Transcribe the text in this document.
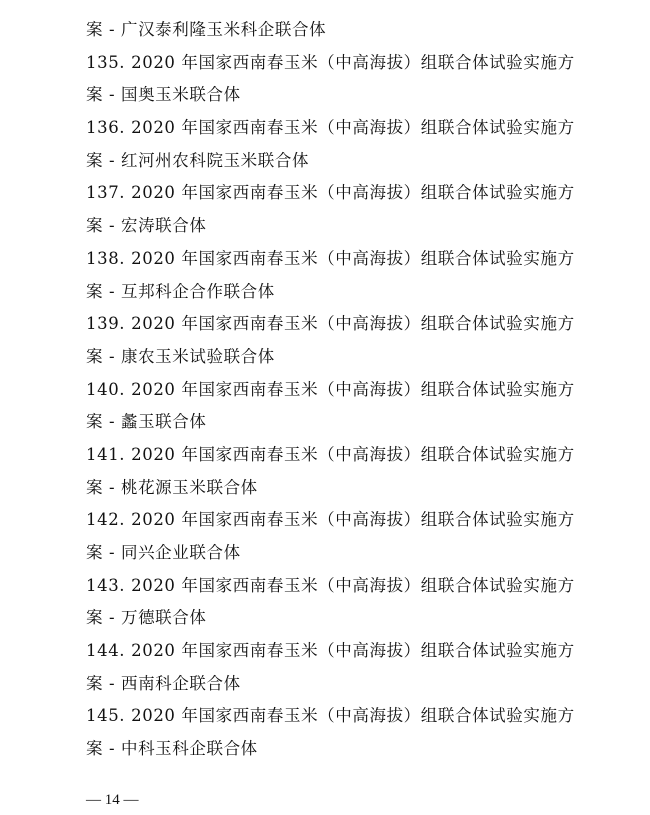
案 - 广汉泰利隆玉米科企联合体
135. 2020 年国家西南春玉米（中高海拔）组联合体试验实施方
案 - 国奥玉米联合体
136. 2020 年国家西南春玉米（中高海拔）组联合体试验实施方
案 - 红河州农科院玉米联合体
137. 2020 年国家西南春玉米（中高海拔）组联合体试验实施方
案 - 宏涛联合体
138. 2020 年国家西南春玉米（中高海拔）组联合体试验实施方
案 - 互邦科企合作联合体
139. 2020 年国家西南春玉米（中高海拔）组联合体试验实施方
案 - 康农玉米试验联合体
140. 2020 年国家西南春玉米（中高海拔）组联合体试验实施方
案 - 蠡玉联合体
141. 2020 年国家西南春玉米（中高海拔）组联合体试验实施方
案 - 桃花源玉米联合体
142. 2020 年国家西南春玉米（中高海拔）组联合体试验实施方
案 - 同兴企业联合体
143. 2020 年国家西南春玉米（中高海拔）组联合体试验实施方
案 - 万德联合体
144. 2020 年国家西南春玉米（中高海拔）组联合体试验实施方
案 - 西南科企联合体
145. 2020 年国家西南春玉米（中高海拔）组联合体试验实施方
案 - 中科玉科企联合体
— 14 —
